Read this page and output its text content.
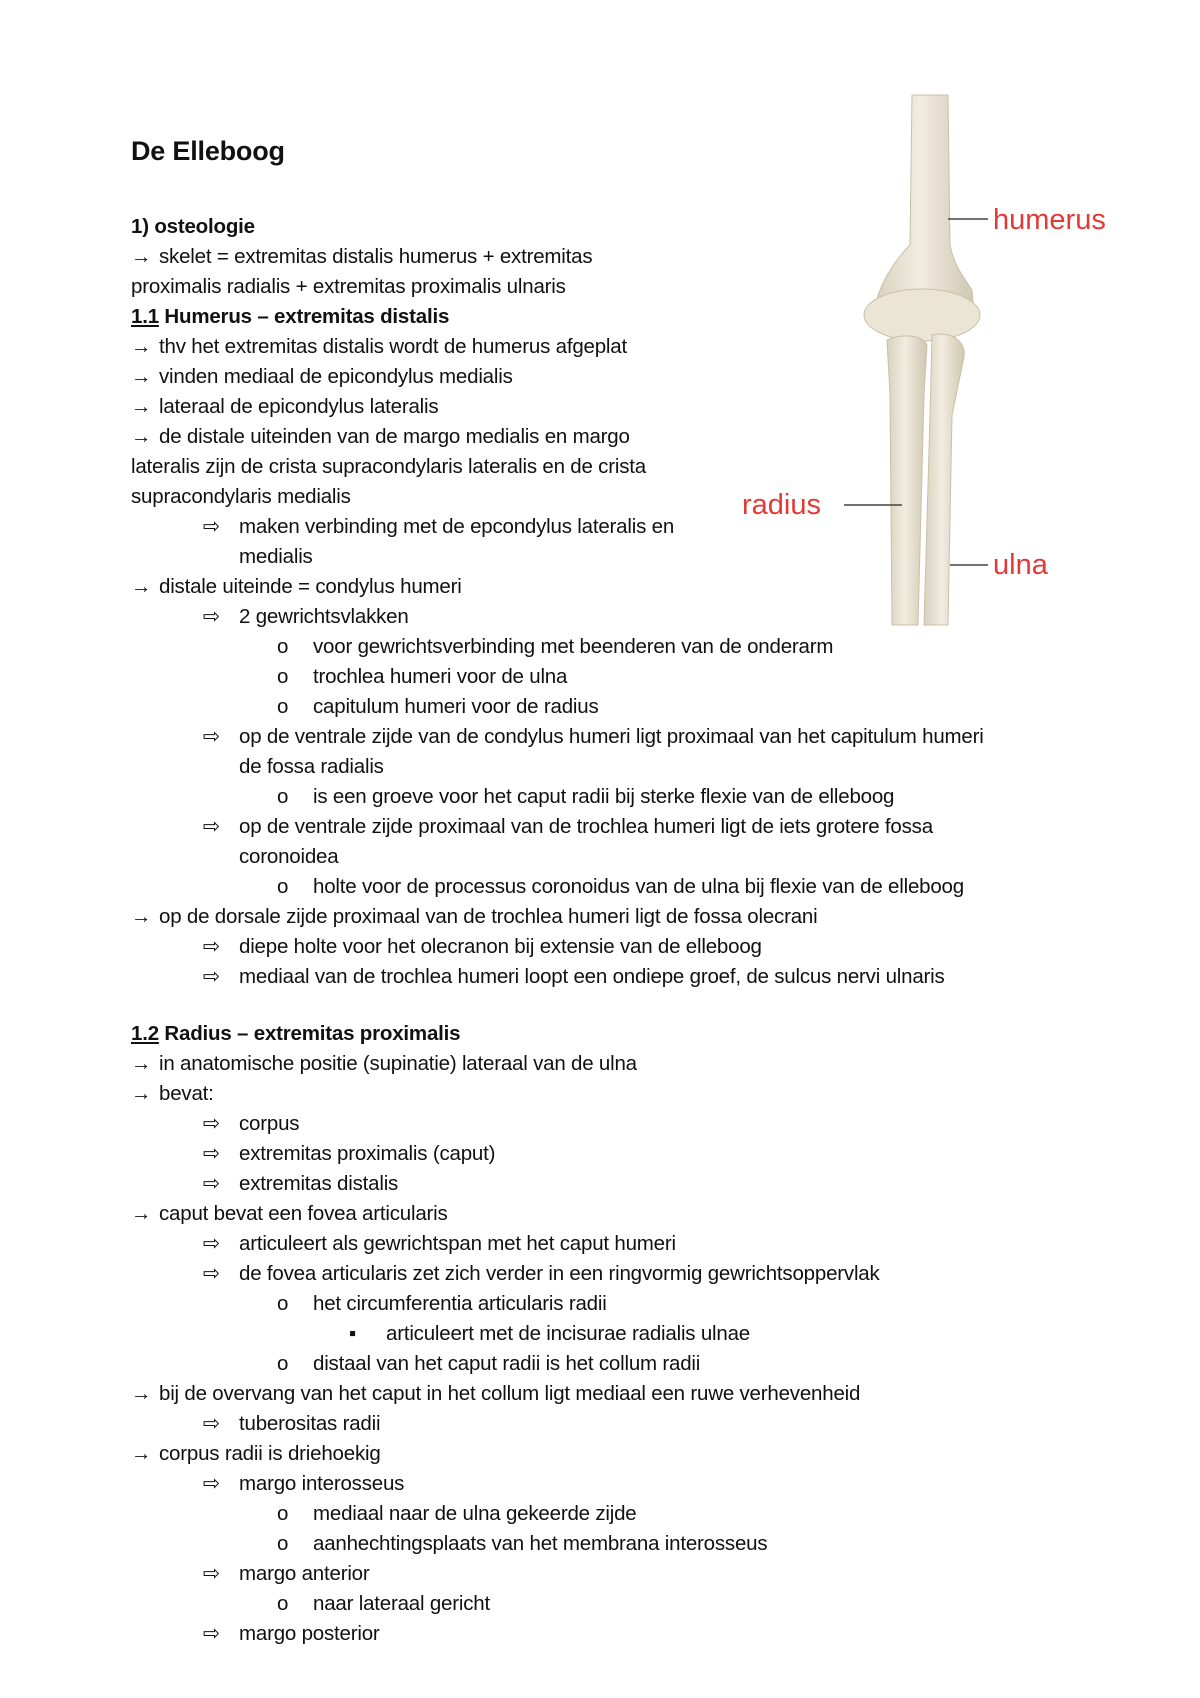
De Elleboog
humerus
radius
ulna
1) osteologie
→ skelet = extremitas distalis humerus + extremitas
proximalis radialis + extremitas proximalis ulnaris
1.1 Humerus – extremitas distalis
→ thv het extremitas distalis wordt de humerus afgeplat
→ vinden mediaal de epicondylus medialis
→ lateraal de epicondylus lateralis
→ de distale uiteinden van de margo medialis en margo
lateralis zijn de crista supracondylaris lateralis en de crista
supracondylaris medialis
⇨ maken verbinding met de epcondylus lateralis en
medialis
→ distale uiteinde = condylus humeri
⇨ 2 gewrichtsvlakken
o voor gewrichtsverbinding met beenderen van de onderarm
o trochlea humeri voor de ulna
o capitulum humeri voor de radius
⇨ op de ventrale zijde van de condylus humeri ligt proximaal van het capitulum humeri
de fossa radialis
o is een groeve voor het caput radii bij sterke flexie van de elleboog
⇨ op de ventrale zijde proximaal van de trochlea humeri ligt de iets grotere fossa
coronoidea
o holte voor de processus coronoidus van de ulna bij flexie van de elleboog
→ op de dorsale zijde proximaal van de trochlea humeri ligt de fossa olecrani
⇨ diepe holte voor het olecranon bij extensie van de elleboog
⇨ mediaal van de trochlea humeri loopt een ondiepe groef, de sulcus nervi ulnaris
1.2 Radius – extremitas proximalis
→ in anatomische positie (supinatie) lateraal van de ulna
→ bevat:
⇨ corpus
⇨ extremitas proximalis (caput)
⇨ extremitas distalis
→ caput bevat een fovea articularis
⇨ articuleert als gewrichtspan met het caput humeri
⇨ de fovea articularis zet zich verder in een ringvormig gewrichtsoppervlak
o het circumferentia articularis radii
▪ articuleert met de incisurae radialis ulnae
o distaal van het caput radii is het collum radii
→ bij de overvang van het caput in het collum ligt mediaal een ruwe verhevenheid
⇨ tuberositas radii
→ corpus radii is driehoekig
⇨ margo interosseus
o mediaal naar de ulna gekeerde zijde
o aanhechtingsplaats van het membrana interosseus
⇨ margo anterior
o naar lateraal gericht
⇨ margo posterior
